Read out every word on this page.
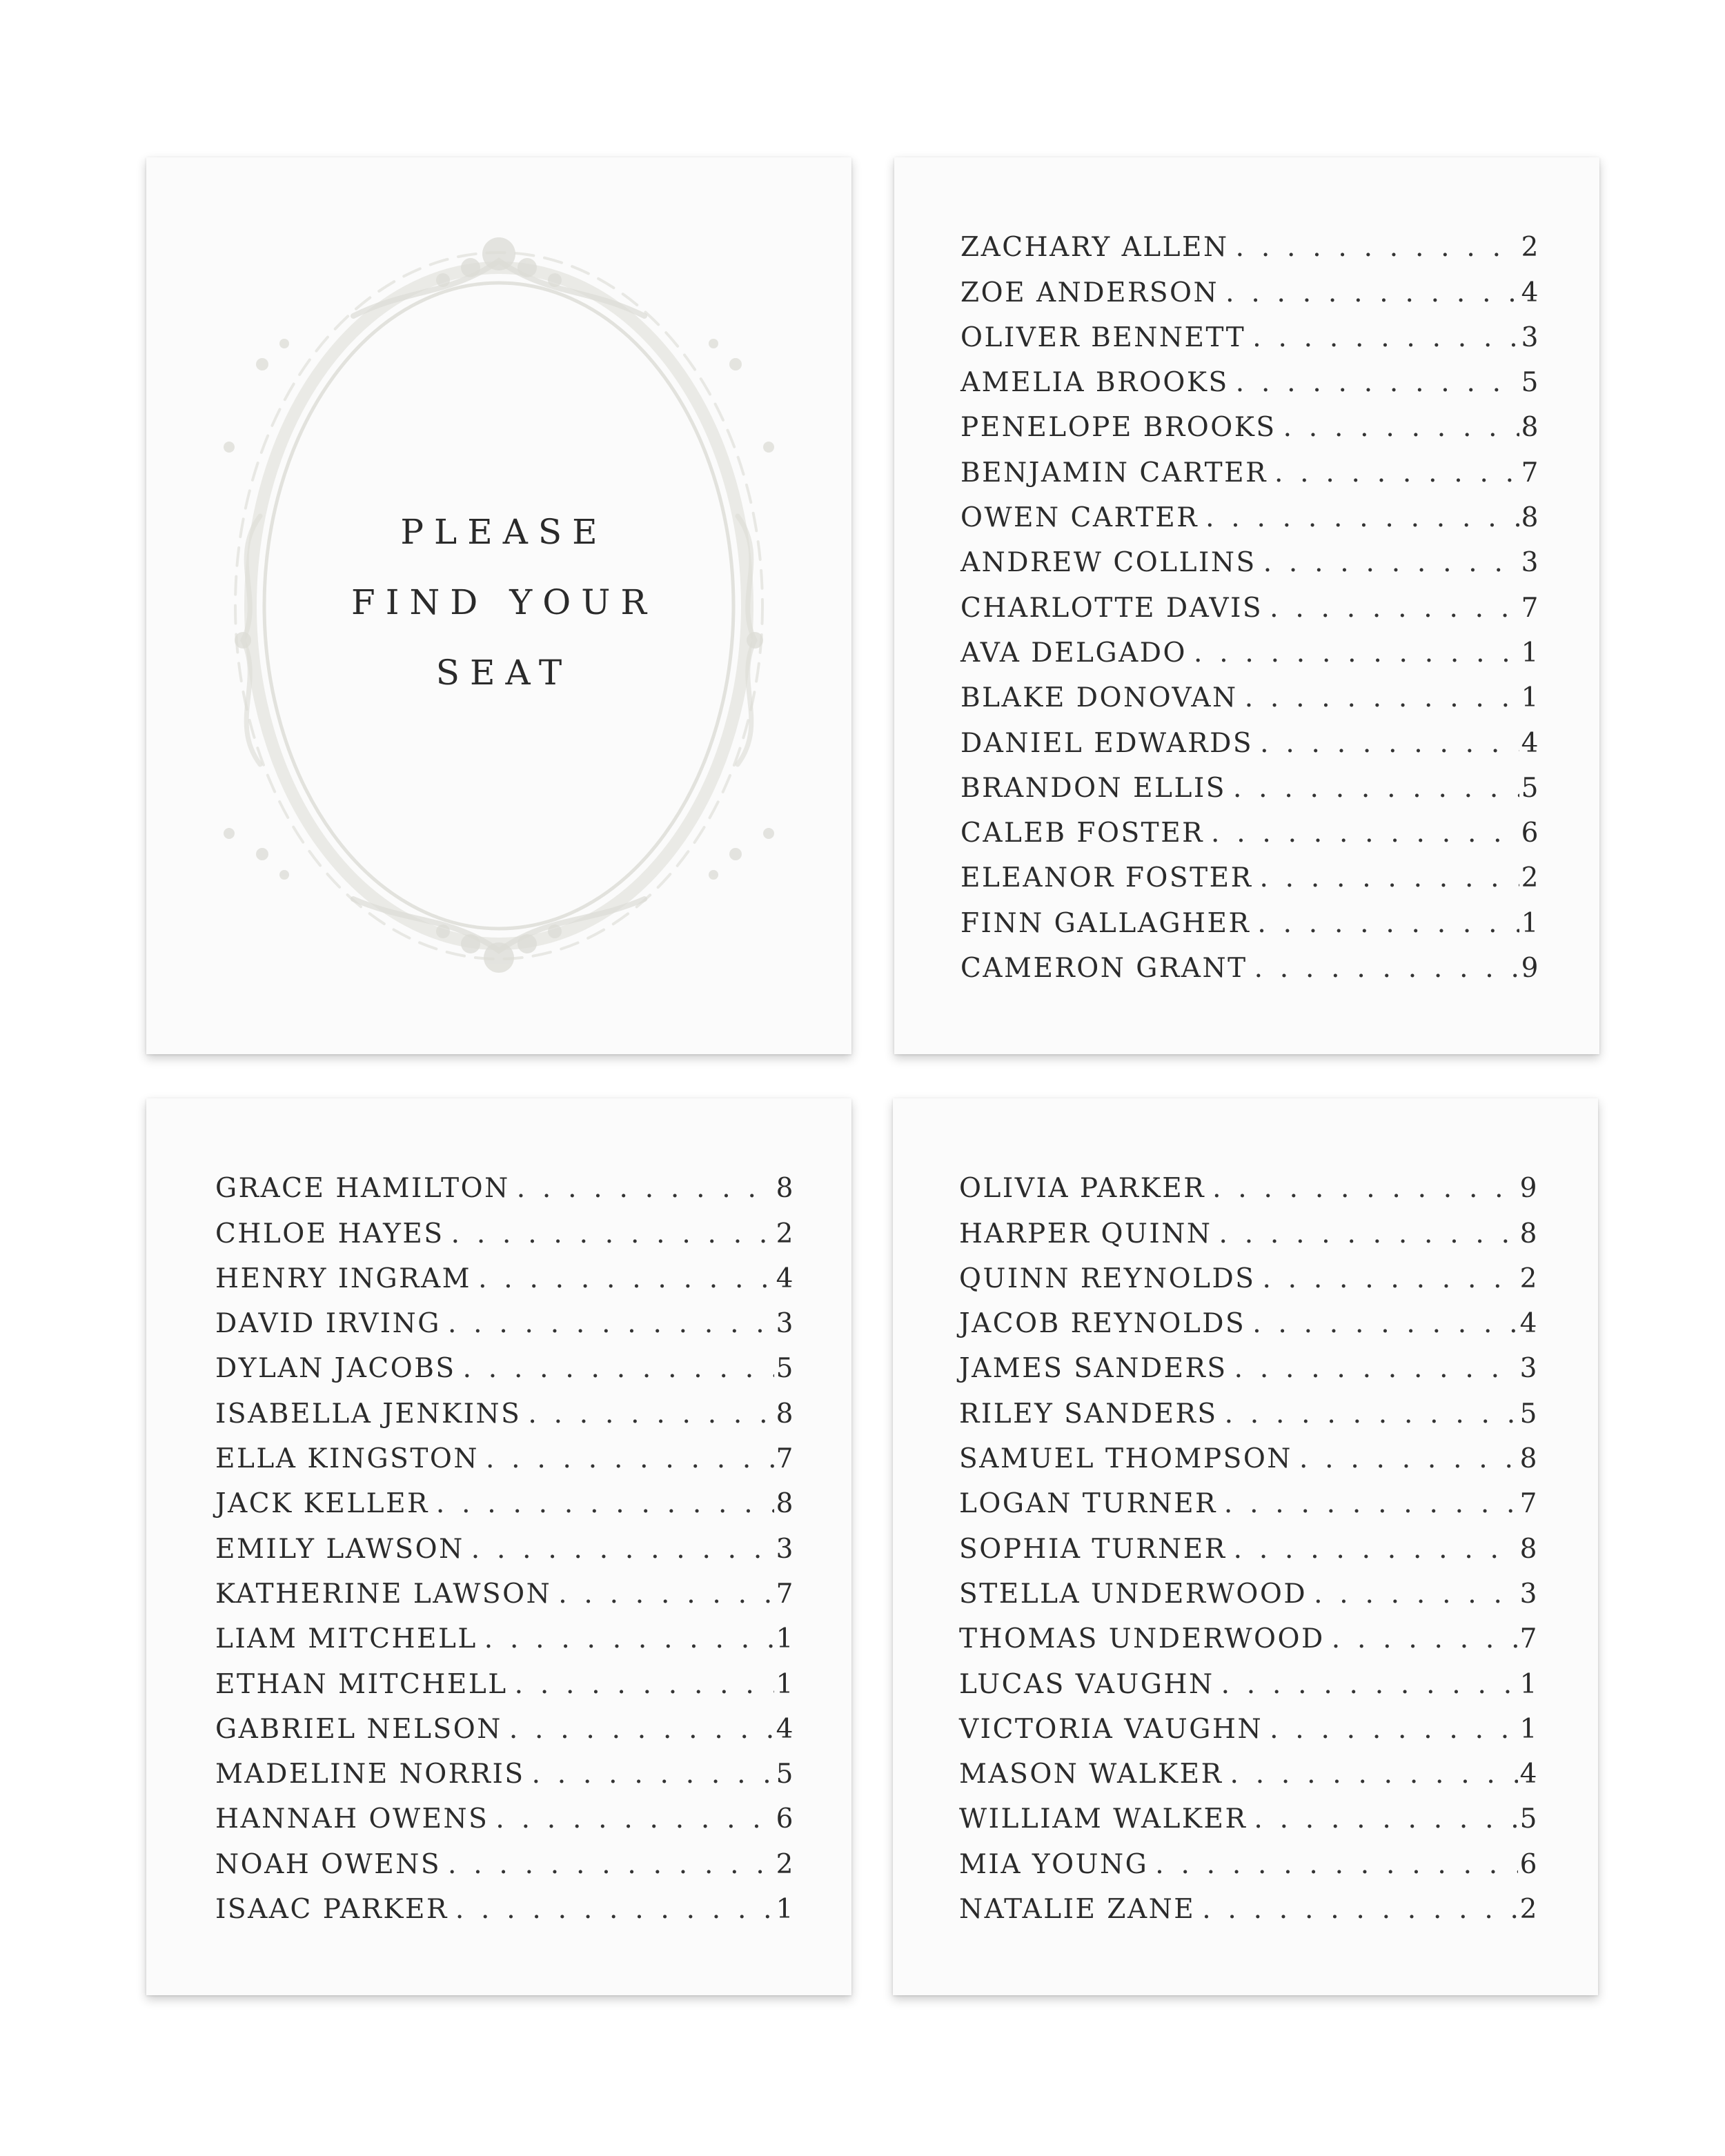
PLEASE
FIND YOUR
SEAT
ZACHARY ALLEN . .	2
ZOE ANDERSON . .	4
OLIVER BENNETT . .	3
AMELIA BROOKS . .	5
PENELOPE BROOKS . .	8
BENJAMIN CARTER . .	7
OWEN CARTER . .	8
ANDREW COLLINS . .	3
CHARLOTTE DAVIS . .	7
AVA DELGADO . .	1
BLAKE DONOVAN . .	1
DANIEL EDWARDS . .	4
BRANDON ELLIS . .	5
CALEB FOSTER . .	6
ELEANOR FOSTER . .	2
FINN GALLAGHER . .	1
CAMERON GRANT . .	9
GRACE HAMILTON . .	8
CHLOE HAYES . .	2
HENRY INGRAM . .	4
DAVID IRVING . .	3
DYLAN JACOBS . .	5
ISABELLA JENKINS . .	8
ELLA KINGSTON . .	7
JACK KELLER . .	8
EMILY LAWSON . .	3
KATHERINE LAWSON . .	7
LIAM MITCHELL . .	1
ETHAN MITCHELL . .	1
GABRIEL NELSON . .	4
MADELINE NORRIS . .	5
HANNAH OWENS . .	6
NOAH OWENS . .	2
ISAAC PARKER . .	1
OLIVIA PARKER . .	9
HARPER QUINN . .	8
QUINN REYNOLDS . .	2
JACOB REYNOLDS . .	4
JAMES SANDERS . .	3
RILEY SANDERS . .	5
SAMUEL THOMPSON . .	8
LOGAN TURNER . .	7
SOPHIA TURNER . .	8
STELLA UNDERWOOD . .	3
THOMAS UNDERWOOD . .	7
LUCAS VAUGHN . .	1
VICTORIA VAUGHN . .	1
MASON WALKER . .	4
WILLIAM WALKER . .	5
MIA YOUNG . .	6
NATALIE ZANE . .	2
